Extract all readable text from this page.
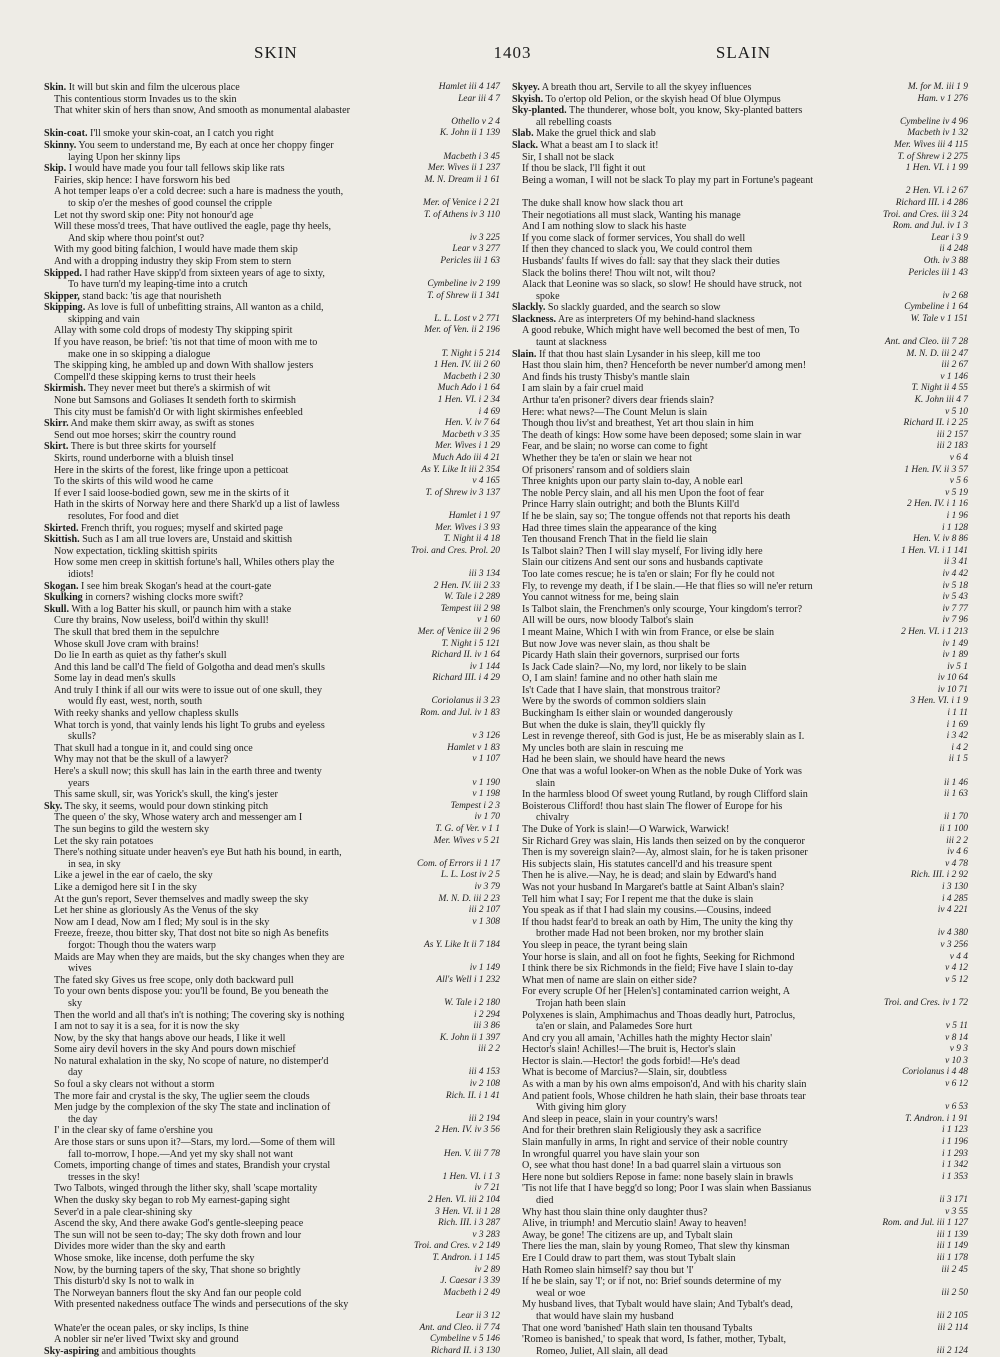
SKIN	1403	SLAIN
Skin. It will but skin and film the ulcerous place	Hamlet iii 4 147
This contentious storm Invades us to the skin	Lear iii 4 7
That whiter skin of hers than snow, And smooth as monumental alabaster
Othello v 2 4
Skin-coat. I'll smoke your skin-coat, an I catch you right	K. John ii 1 139
Skinny. You seem to understand me, By each at once her choppy finger
laying Upon her skinny lips	Macbeth i 3 45
Skip. I would have made you four tall fellows skip like rats	Mer. Wives ii 1 237
Fairies, skip hence: I have forsworn his bed	M. N. Dream ii 1 61
A hot temper leaps o'er a cold decree: such a hare is madness the youth,
to skip o'er the meshes of good counsel the cripple	Mer. of Venice i 2 21
Let not thy sword skip one: Pity not honour'd age	T. of Athens iv 3 110
Will these moss'd trees, That have outlived the eagle, page thy heels,
And skip where thou point'st out?	iv 3 225
With my good biting falchion, I would have made them skip	Lear v 3 277
And with a dropping industry they skip From stem to stern	Pericles iii 1 63
Skipped. I had rather Have skipp'd from sixteen years of age to sixty,
To have turn'd my leaping-time into a crutch	Cymbeline iv 2 199
Skipper, stand back: 'tis age that nourisheth	T. of Shrew ii 1 341
Skipping. As love is full of unbefitting strains, All wanton as a child,
skipping and vain	L. L. Lost v 2 771
Allay with some cold drops of modesty Thy skipping spirit	Mer. of Ven. ii 2 196
If you have reason, be brief: 'tis not that time of moon with me to
make one in so skipping a dialogue	T. Night i 5 214
The skipping king, he ambled up and down With shallow jesters	1 Hen. IV. iii 2 60
Compell'd these skipping kerns to trust their heels	Macbeth i 2 30
Skirmish. They never meet but there's a skirmish of wit	Much Ado i 1 64
None but Samsons and Goliases It sendeth forth to skirmish	1 Hen. VI. i 2 34
This city must be famish'd Or with light skirmishes enfeebled	i 4 69
Skirr. And make them skirr away, as swift as stones	Hen. V. iv 7 64
Send out moe horses; skirr the country round	Macbeth v 3 35
Skirt. There is but three skirts for yourself	Mer. Wives i 1 29
Skirts, round underborne with a bluish tinsel	Much Ado iii 4 21
Here in the skirts of the forest, like fringe upon a petticoat	As Y. Like It iii 2 354
To the skirts of this wild wood he came	v 4 165
If ever I said loose-bodied gown, sew me in the skirts of it	T. of Shrew iv 3 137
Hath in the skirts of Norway here and there Shark'd up a list of lawless
resolutes, For food and diet	Hamlet i 1 97
Skirted. French thrift, you rogues; myself and skirted page	Mer. Wives i 3 93
Skittish. Such as I am all true lovers are, Unstaid and skittish	T. Night ii 4 18
Now expectation, tickling skittish spirits	Troi. and Cres. Prol. 20
How some men creep in skittish fortune's hall, Whiles others play the
idiots!	iii 3 134
Skogan. I see him break Skogan's head at the court-gate	2 Hen. IV. iii 2 33
Skulking in corners? wishing clocks more swift?	W. Tale i 2 289
Skull. With a log Batter his skull, or paunch him with a stake	Tempest iii 2 98
Cure thy brains, Now useless, boil'd within thy skull!	v 1 60
The skull that bred them in the sepulchre	Mer. of Venice iii 2 96
Whose skull Jove cram with brains!	T. Night i 5 121
Do lie In earth as quiet as thy father's skull	Richard II. iv 1 64
And this land be call'd The field of Golgotha and dead men's skulls	iv 1 144
Some lay in dead men's skulls	Richard III. i 4 29
And truly I think if all our wits were to issue out of one skull, they
would fly east, west, north, south	Coriolanus ii 3 23
With reeky shanks and yellow chapless skulls	Rom. and Jul. iv 1 83
What torch is yond, that vainly lends his light To grubs and eyeless
skulls?	v 3 126
That skull had a tongue in it, and could sing once	Hamlet v 1 83
Why may not that be the skull of a lawyer?	v 1 107
Here's a skull now; this skull has lain in the earth three and twenty
years	v 1 190
This same skull, sir, was Yorick's skull, the king's jester	v 1 198
Sky. The sky, it seems, would pour down stinking pitch	Tempest i 2 3
The queen o' the sky, Whose watery arch and messenger am I	iv 1 70
The sun begins to gild the western sky	T. G. of Ver. v 1 1
Let the sky rain potatoes	Mer. Wives v 5 21
There's nothing situate under heaven's eye But hath his bound, in earth,
in sea, in sky	Com. of Errors ii 1 17
Like a jewel in the ear of caelo, the sky	L. L. Lost iv 2 5
Like a demigod here sit I in the sky	iv 3 79
At the gun's report, Sever themselves and madly sweep the sky	M. N. D. iii 2 23
Let her shine as gloriously As the Venus of the sky	iii 2 107
Now am I dead, Now am I fled; My soul is in the sky	v 1 308
Freeze, freeze, thou bitter sky, That dost not bite so nigh As benefits
forgot: Though thou the waters warp	As Y. Like It ii 7 184
Maids are May when they are maids, but the sky changes when they are
wives	iv 1 149
The fated sky Gives us free scope, only doth backward pull	All's Well i 1 232
To your own bents dispose you: you'll be found, Be you beneath the
sky	W. Tale i 2 180
Then the world and all that's in't is nothing; The covering sky is nothing	i 2 294
I am not to say it is a sea, for it is now the sky	iii 3 86
Now, by the sky that hangs above our heads, I like it well	K. John ii 1 397
Some airy devil hovers in the sky And pours down mischief	iii 2 2
No natural exhalation in the sky, No scope of nature, no distemper'd
day	iii 4 153
So foul a sky clears not without a storm	iv 2 108
The more fair and crystal is the sky, The uglier seem the clouds	Rich. II. i 1 41
Men judge by the complexion of the sky The state and inclination of
the day	iii 2 194
I' in the clear sky of fame o'ershine you	2 Hen. IV. iv 3 56
Are those stars or suns upon it?—Stars, my lord.—Some of them will
fall to-morrow, I hope.—And yet my sky shall not want	Hen. V. iii 7 78
Comets, importing change of times and states, Brandish your crystal
tresses in the sky!	1 Hen. VI. i 1 3
Two Talbots, winged through the lither sky, shall 'scape mortality	iv 7 21
When the dusky sky began to rob My earnest-gaping sight	2 Hen. VI. iii 2 104
Sever'd in a pale clear-shining sky	3 Hen. VI. ii 1 28
Ascend the sky, And there awake God's gentle-sleeping peace	Rich. III. i 3 287
The sun will not be seen to-day; The sky doth frown and lour	v 3 283
Divides more wider than the sky and earth	Troi. and Cres. v 2 149
Whose smoke, like incense, doth perfume the sky	T. Andron. i 1 145
Now, by the burning tapers of the sky, That shone so brightly	iv 2 89
This disturb'd sky Is not to walk in	J. Caesar i 3 39
The Norweyan banners flout the sky And fan our people cold	Macbeth i 2 49
With presented nakedness outface The winds and persecutions of the sky
Lear ii 3 12
Whate'er the ocean pales, or sky inclips, Is thine	Ant. and Cleo. ii 7 74
A nobler sir ne'er lived 'Twixt sky and ground	Cymbeline v 5 146
Sky-aspiring and ambitious thoughts	Richard II. i 3 130
Skyey. A breath thou art, Servile to all the skyey influences	M. for M. iii 1 9
Skyish. To o'ertop old Pelion, or the skyish head Of blue Olympus	Ham. v 1 276
Sky-planted. The thunderer, whose bolt, you know, Sky-planted batters
all rebelling coasts	Cymbeline iv 4 96
Slab. Make the gruel thick and slab	Macbeth iv 1 32
Slack. What a beast am I to slack it!	Mer. Wives iii 4 115
Sir, I shall not be slack	T. of Shrew i 2 275
If thou be slack, I'll fight it out	1 Hen. VI. i 1 99
Being a woman, I will not be slack To play my part in Fortune's pageant
2 Hen. VI. i 2 67
The duke shall know how slack thou art	Richard III. i 4 286
Their negotiations all must slack, Wanting his manage	Troi. and Cres. iii 3 24
And I am nothing slow to slack his haste	Rom. and Jul. iv 1 3
If you come slack of former services, You shall do well	Lear i 3 9
If then they chanced to slack you, We could control them	ii 4 248
Husbands' faults If wives do fall: say that they slack their duties	Oth. iv 3 88
Slack the bolins there! Thou wilt not, wilt thou?	Pericles iii 1 43
Alack that Leonine was so slack, so slow! He should have struck, not
spoke	iv 2 68
Slackly. So slackly guarded, and the search so slow	Cymbeline i 1 64
Slackness. Are as interpreters Of my behind-hand slackness	W. Tale v 1 151
A good rebuke, Which might have well becomed the best of men, To
taunt at slackness	Ant. and Cleo. iii 7 28
Slain. If that thou hast slain Lysander in his sleep, kill me too	M. N. D. iii 2 47
Hast thou slain him, then? Henceforth be never number'd among men!	iii 2 67
And finds his trusty Thisby's mantle slain	v 1 146
I am slain by a fair cruel maid	T. Night ii 4 55
Arthur ta'en prisoner? divers dear friends slain?	K. John iii 4 7
Here: what news?—The Count Melun is slain	v 5 10
Though thou liv'st and breathest, Yet art thou slain in him	Richard II. i 2 25
The death of kings: How some have been deposed; some slain in war	iii 2 157
Fear, and be slain; no worse can come to fight	iii 2 183
Whether they be ta'en or slain we hear not	v 6 4
Of prisoners' ransom and of soldiers slain	1 Hen. IV. ii 3 57
Three knights upon our party slain to-day, A noble earl	v 5 6
The noble Percy slain, and all his men Upon the foot of fear	v 5 19
Prince Harry slain outright; and both the Blunts Kill'd	2 Hen. IV. i 1 16
If he be slain, say so; The tongue offends not that reports his death	i 1 96
Had three times slain the appearance of the king	i 1 128
Ten thousand French That in the field lie slain	Hen. V. iv 8 86
Is Talbot slain? Then I will slay myself, For living idly here	1 Hen. VI. i 1 141
Slain our citizens And sent our sons and husbands captivate	ii 3 41
Too late comes rescue; he is ta'en or slain; For fly he could not	iv 4 42
Fly, to revenge my death, if I be slain.—He that flies so will ne'er return	iv 5 18
You cannot witness for me, being slain	iv 5 43
Is Talbot slain, the Frenchmen's only scourge, Your kingdom's terror?	iv 7 77
All will be ours, now bloody Talbot's slain	iv 7 96
I meant Maine, Which I with win from France, or else be slain	2 Hen. VI. i 1 213
But now Jove was never slain, as thou shalt be	iv 1 49
Picardy Hath slain their governors, surprised our forts	iv 1 89
Is Jack Cade slain?—No, my lord, nor likely to be slain	iv 5 1
O, I am slain! famine and no other hath slain me	iv 10 64
Is't Cade that I have slain, that monstrous traitor?	iv 10 71
Were by the swords of common soldiers slain	3 Hen. VI. i 1 9
Buckingham Is either slain or wounded dangerously	i 1 11
But when the duke is slain, they'll quickly fly	i 1 69
Lest in revenge thereof, sith God is just, He be as miserably slain as I.	i 3 42
My uncles both are slain in rescuing me	i 4 2
Had he been slain, we should have heard the news	ii 1 5
One that was a woful looker-on When as the noble Duke of York was
slain	ii 1 46
In the harmless blood Of sweet young Rutland, by rough Clifford slain	ii 1 63
Boisterous Clifford! thou hast slain The flower of Europe for his
chivalry	ii 1 70
The Duke of York is slain!—O Warwick, Warwick!	ii 1 100
Sir Richard Grey was slain, His lands then seized on by the conqueror	iii 2 2
Then is my sovereign slain?—Ay, almost slain, for he is taken prisoner	iv 4 6
His subjects slain, His statutes cancell'd and his treasure spent	v 4 78
Then he is alive.—Nay, he is dead; and slain by Edward's hand	Rich. III. i 2 92
Was not your husband In Margaret's battle at Saint Alban's slain?	i 3 130
Tell him what I say; For I repent me that the duke is slain	i 4 285
You speak as if that I had slain my cousins.—Cousins, indeed	iv 4 221
If thou hadst fear'd to break an oath by Him, The unity the king thy
brother made Had not been broken, nor my brother slain	iv 4 380
You sleep in peace, the tyrant being slain	v 3 256
Your horse is slain, and all on foot he fights, Seeking for Richmond	v 4 4
I think there be six Richmonds in the field; Five have I slain to-day	v 4 12
What men of name are slain on either side?	v 5 12
For every scruple Of her [Helen's] contaminated carrion weight, A
Trojan hath been slain	Troi. and Cres. iv 1 72
Polyxenes is slain, Amphimachus and Thoas deadly hurt, Patroclus,
ta'en or slain, and Palamedes Sore hurt	v 5 11
And cry you all amain, 'Achilles hath the mighty Hector slain'	v 8 14
Hector's slain! Achilles!—The bruit is, Hector's slain	v 9 3
Hector is slain.—Hector! the gods forbid!—He's dead	v 10 3
What is become of Marcius?—Slain, sir, doubtless	Coriolanus i 4 48
As with a man by his own alms empoison'd, And with his charity slain	v 6 12
And patient fools, Whose children he hath slain, their base throats tear
With giving him glory	v 6 53
And sleep in peace, slain in your country's wars!	T. Andron. i 1 91
And for their brethren slain Religiously they ask a sacrifice	i 1 123
Slain manfully in arms, In right and service of their noble country	i 1 196
In wrongful quarrel you have slain your son	i 1 293
O, see what thou hast done! In a bad quarrel slain a virtuous son	i 1 342
Here none but soldiers Repose in fame: none basely slain in brawls	i 1 353
'Tis not life that I have begg'd so long; Poor I was slain when Bassianus
died	ii 3 171
Why hast thou slain thine only daughter thus?	v 3 55
Alive, in triumph! and Mercutio slain! Away to heaven!	Rom. and Jul. iii 1 127
Away, be gone! The citizens are up, and Tybalt slain	iii 1 139
There lies the man, slain by young Romeo, That slew thy kinsman	iii 1 149
Ere I Could draw to part them, was stout Tybalt slain	iii 1 178
Hath Romeo slain himself? say thou but 'I'	iii 2 45
If he be slain, say 'I'; or if not, no: Brief sounds determine of my
weal or woe	iii 2 50
My husband lives, that Tybalt would have slain; And Tybalt's dead,
that would have slain my husband	iii 2 105
That one word 'banished' Hath slain ten thousand Tybalts	iii 2 114
'Romeo is banished,' to speak that word, Is father, mother, Tybalt,
Romeo, Juliet, All slain, all dead	iii 2 124
